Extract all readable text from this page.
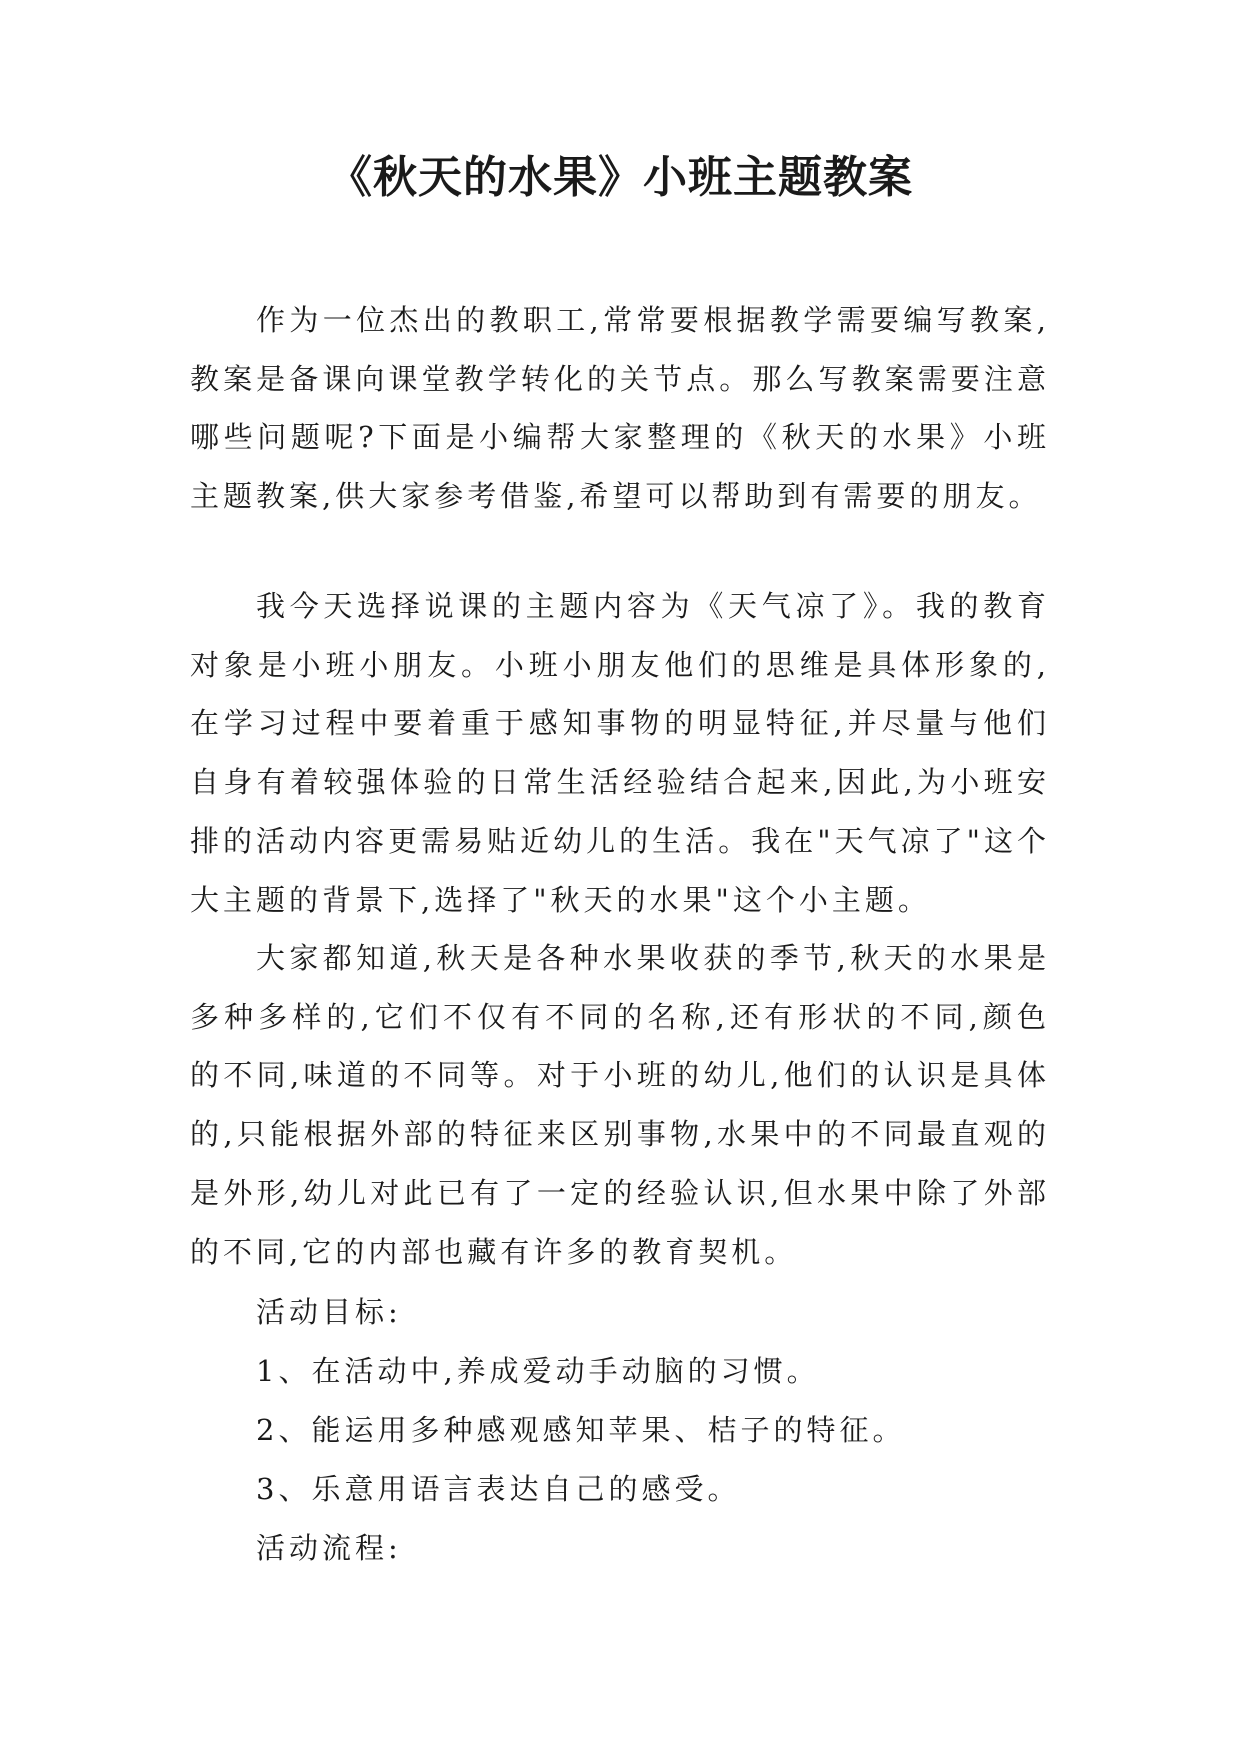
《秋天的水果》小班主题教案

作为一位杰出的教职工,常常要根据教学需要编写教案,教案是备课向课堂教学转化的关节点。那么写教案需要注意哪些问题呢?下面是小编帮大家整理的《秋天的水果》小班主题教案,供大家参考借鉴,希望可以帮助到有需要的朋友。

我今天选择说课的主题内容为《天气凉了》。我的教育对象是小班小朋友。小班小朋友他们的思维是具体形象的,在学习过程中要着重于感知事物的明显特征,并尽量与他们自身有着较强体验的日常生活经验结合起来,因此,为小班安排的活动内容更需易贴近幼儿的生活。我在"天气凉了"这个大主题的背景下,选择了"秋天的水果"这个小主题。

大家都知道,秋天是各种水果收获的季节,秋天的水果是多种多样的,它们不仅有不同的名称,还有形状的不同,颜色的不同,味道的不同等。对于小班的幼儿,他们的认识是具体的,只能根据外部的特征来区别事物,水果中的不同最直观的是外形,幼儿对此已有了一定的经验认识,但水果中除了外部的不同,它的内部也藏有许多的教育契机。

活动目标:

1、在活动中,养成爱动手动脑的习惯。

2、能运用多种感观感知苹果、桔子的特征。

3、乐意用语言表达自己的感受。

活动流程:
